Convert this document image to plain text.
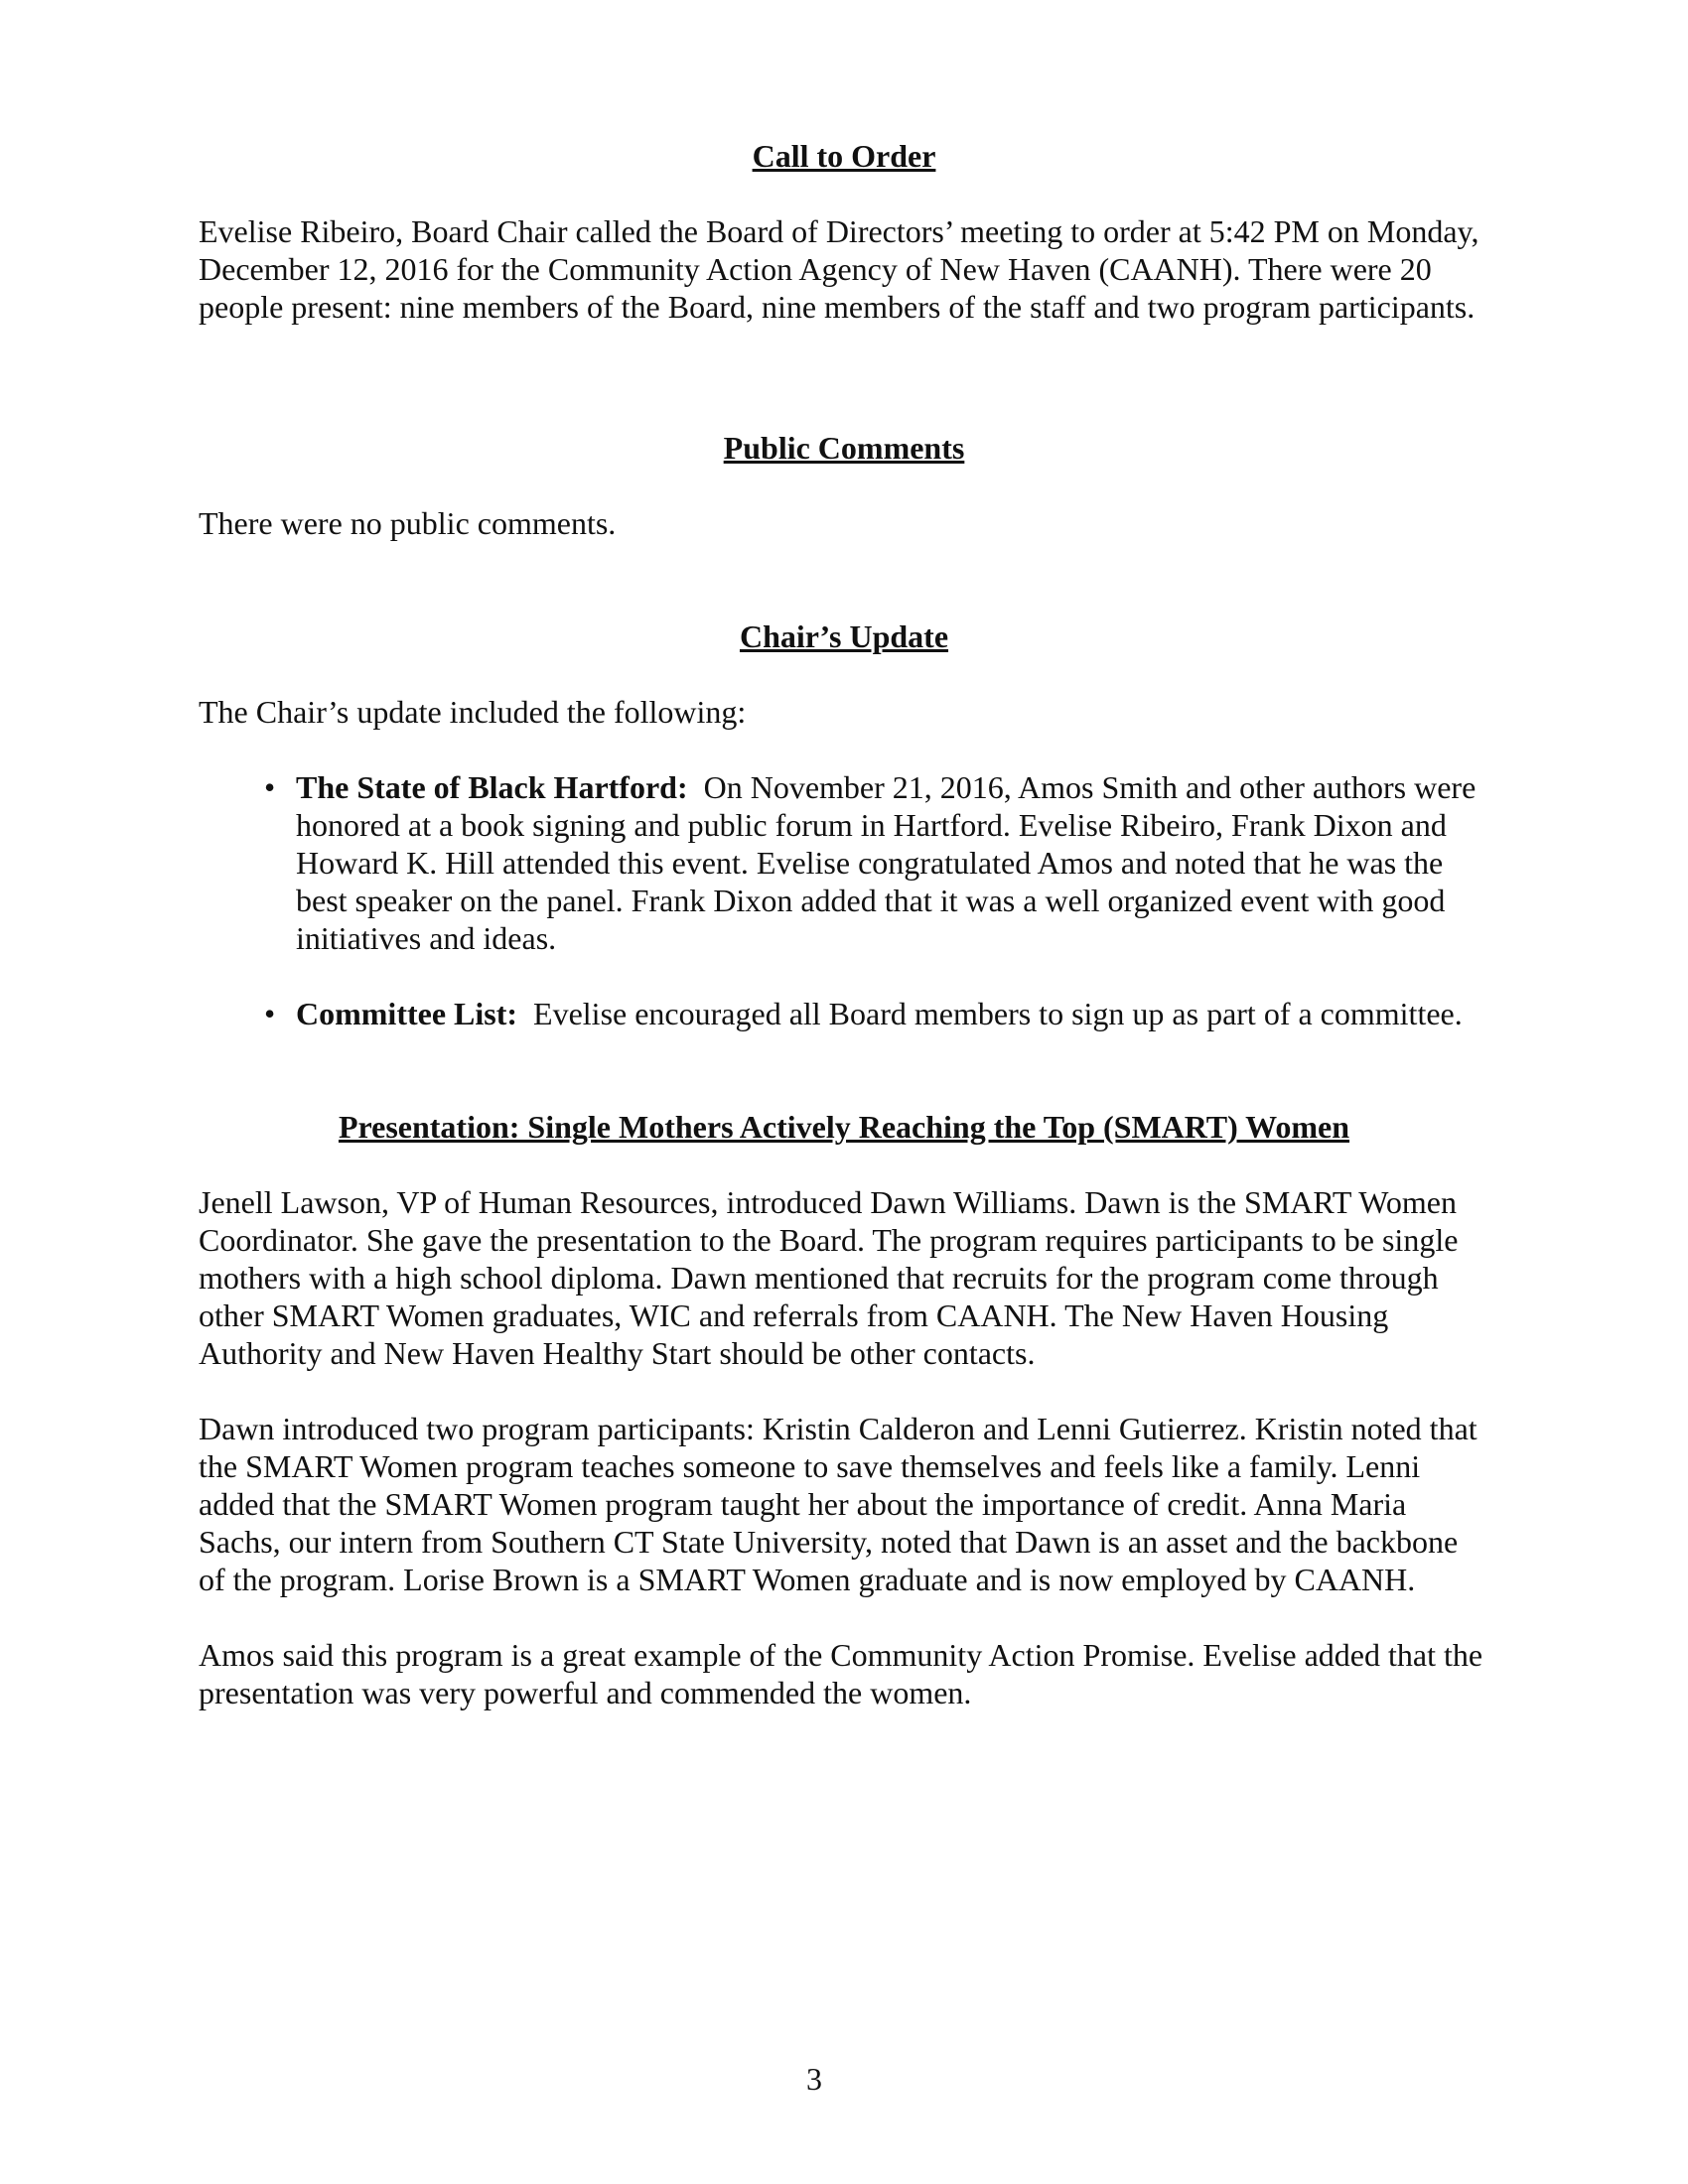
Call to Order

Evelise Ribeiro, Board Chair called the Board of Directors’ meeting to order at 5:42 PM on Monday, December 12, 2016 for the Community Action Agency of New Haven (CAANH). There were 20 people present: nine members of the Board, nine members of the staff and two program participants.

Public Comments

There were no public comments.

Chair’s Update

The Chair’s update included the following:

• The State of Black Hartford: On November 21, 2016, Amos Smith and other authors were honored at a book signing and public forum in Hartford. Evelise Ribeiro, Frank Dixon and Howard K. Hill attended this event. Evelise congratulated Amos and noted that he was the best speaker on the panel. Frank Dixon added that it was a well organized event with good initiatives and ideas.
• Committee List: Evelise encouraged all Board members to sign up as part of a committee.
Presentation: Single Mothers Actively Reaching the Top (SMART) Women

Jenell Lawson, VP of Human Resources, introduced Dawn Williams. Dawn is the SMART Women Coordinator. She gave the presentation to the Board. The program requires participants to be single mothers with a high school diploma. Dawn mentioned that recruits for the program come through other SMART Women graduates, WIC and referrals from CAANH. The New Haven Housing Authority and New Haven Healthy Start should be other contacts.

Dawn introduced two program participants: Kristin Calderon and Lenni Gutierrez. Kristin noted that the SMART Women program teaches someone to save themselves and feels like a family. Lenni added that the SMART Women program taught her about the importance of credit. Anna Maria Sachs, our intern from Southern CT State University, noted that Dawn is an asset and the backbone of the program. Lorise Brown is a SMART Women graduate and is now employed by CAANH.

Amos said this program is a great example of the Community Action Promise. Evelise added that the presentation was very powerful and commended the women.

3
